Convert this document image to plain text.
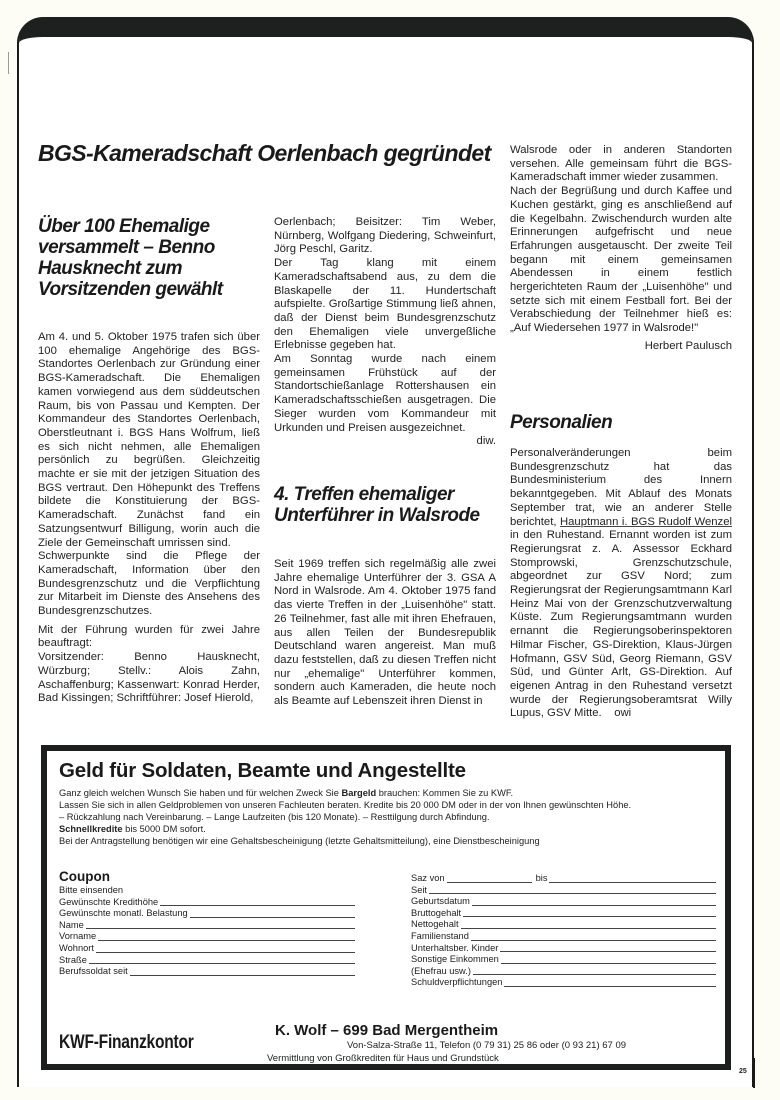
BGS-Kameradschaft Oerlenbach gegründet
Über 100 Ehemalige versammelt – Benno Hausknecht zum Vorsitzenden gewählt

Am 4. und 5. Oktober 1975 trafen sich über 100 ehemalige Angehörige des BGS-Standortes Oerlenbach zur Gründung einer BGS-Kameradschaft. Die Ehemaligen kamen vorwiegend aus dem süddeutschen Raum, bis von Passau und Kempten. Der Kommandeur des Standortes Oerlenbach, Oberstleutnant i. BGS Hans Wolfrum, ließ es sich nicht nehmen, alle Ehemaligen persönlich zu begrüßen. Gleichzeitig machte er sie mit der jetzigen Situation des BGS vertraut. Den Höhepunkt des Treffens bildete die Konstituierung der BGS-Kameradschaft. Zunächst fand ein Satzungsentwurf Billigung, worin auch die Ziele der Gemeinschaft umrissen sind.

Schwerpunkte sind die Pflege der Kameradschaft, Information über den Bundesgrenzschutz und die Verpflichtung zur Mitarbeit im Dienste des Ansehens des Bundesgrenzschutzes.

Mit der Führung wurden für zwei Jahre beauftragt:

Vorsitzender: Benno Hausknecht, Würzburg; Stellv.: Alois Zahn, Aschaffenburg; Kassenwart: Konrad Herder, Bad Kissingen; Schriftführer: Josef Hierold,

Oerlenbach; Beisitzer: Tim Weber, Nürnberg, Wolfgang Diedering, Schweinfurt, Jörg Peschl, Garitz.

Der Tag klang mit einem Kameradschaftsabend aus, zu dem die Blaskapelle der 11. Hundertschaft aufspielte. Großartige Stimmung ließ ahnen, daß der Dienst beim Bundesgrenzschutz den Ehemaligen viele unvergeßliche Erlebnisse gegeben hat.

Am Sonntag wurde nach einem gemeinsamen Frühstück auf der Standortschießanlage Rottershausen ein Kameradschaftsschießen ausgetragen. Die Sieger wurden vom Kommandeur mit Urkunden und Preisen ausgezeichnet.

diw.

4. Treffen ehemaliger Unterführer in Walsrode

Seit 1969 treffen sich regelmäßig alle zwei Jahre ehemalige Unterführer der 3. GSA A Nord in Walsrode. Am 4. Oktober 1975 fand das vierte Treffen in der „Luisenhöhe" statt. 26 Teilnehmer, fast alle mit ihren Ehefrauen, aus allen Teilen der Bundesrepublik Deutschland waren angereist. Man muß dazu feststellen, daß zu diesen Treffen nicht nur „ehemalige" Unterführer kommen, sondern auch Kameraden, die heute noch als Beamte auf Lebenszeit ihren Dienst in

Walsrode oder in anderen Standorten versehen. Alle gemeinsam führt die BGS-Kameradschaft immer wieder zusammen.

Nach der Begrüßung und durch Kaffee und Kuchen gestärkt, ging es anschließend auf die Kegelbahn. Zwischendurch wurden alte Erinnerungen aufgefrischt und neue Erfahrungen ausgetauscht. Der zweite Teil begann mit einem gemeinsamen Abendessen in einem festlich hergerichteten Raum der „Luisenhöhe" und setzte sich mit einem Festball fort. Bei der Verabschiedung der Teilnehmer hieß es: „Auf Wiedersehen 1977 in Walsrode!"

Herbert Paulusch

Personalien

Personalveränderungen beim Bundesgrenzschutz hat das Bundesministerium des Innern bekanntgegeben. Mit Ablauf des Monats September trat, wie an anderer Stelle berichtet, Hauptmann i. BGS Rudolf Wenzel in den Ruhestand. Ernannt worden ist zum Regierungsrat z. A. Assessor Eckhard Stomprowski, Grenzschutzschule, abgeordnet zur GSV Nord; zum Regierungsrat der Regierungsamtmann Karl Heinz Mai von der Grenzschutzverwaltung Küste. Zum Regierungsamtmann wurden ernannt die Regierungsoberinspektoren Hilmar Fischer, GS-Direktion, Klaus-Jürgen Hofmann, GSV Süd, Georg Riemann, GSV Süd, und Günter Arlt, GS-Direktion. Auf eigenen Antrag in den Ruhestand versetzt wurde der Regierungsoberamtsrat Willy Lupus, GSV Mitte. owi

Geld für Soldaten, Beamte und Angestellte

Ganz gleich welchen Wunsch Sie haben und für welchen Zweck Sie Bargeld brauchen: Kommen Sie zu KWF.

Lassen Sie sich in allen Geldproblemen von unseren Fachleuten beraten. Kredite bis 20 000 DM oder in der von Ihnen gewünschten Höhe.

– Rückzahlung nach Vereinbarung. – Lange Laufzeiten (bis 120 Monate). – Resttilgung durch Abfindung.

Schnellkredite bis 5000 DM sofort.

Bei der Antragstellung benötigen wir eine Gehaltsbescheinigung (letzte Gehaltsmitteilung), eine Dienstbescheinigung

Coupon
Bitte einsenden
Gewünschte Kredithöhe
Gewünschte monatl. Belastung
Name
Vorname
Wohnort
Straße
Berufssoldat seit
Saz von	bis
Seit
Geburtsdatum
Bruttogehalt
Nettogehalt
Familienstand
Unterhaltsber. Kinder
Sonstige Einkommen
(Ehefrau usw.)
Schuldverpflichtungen
KWF-Finanzkontor
K. Wolf – 699 Bad Mergentheim
Von-Salza-Straße 11, Telefon (0 79 31) 25 86 oder (0 93 21) 67 09
Vermittlung von Großkrediten für Haus und Grundstück
25
